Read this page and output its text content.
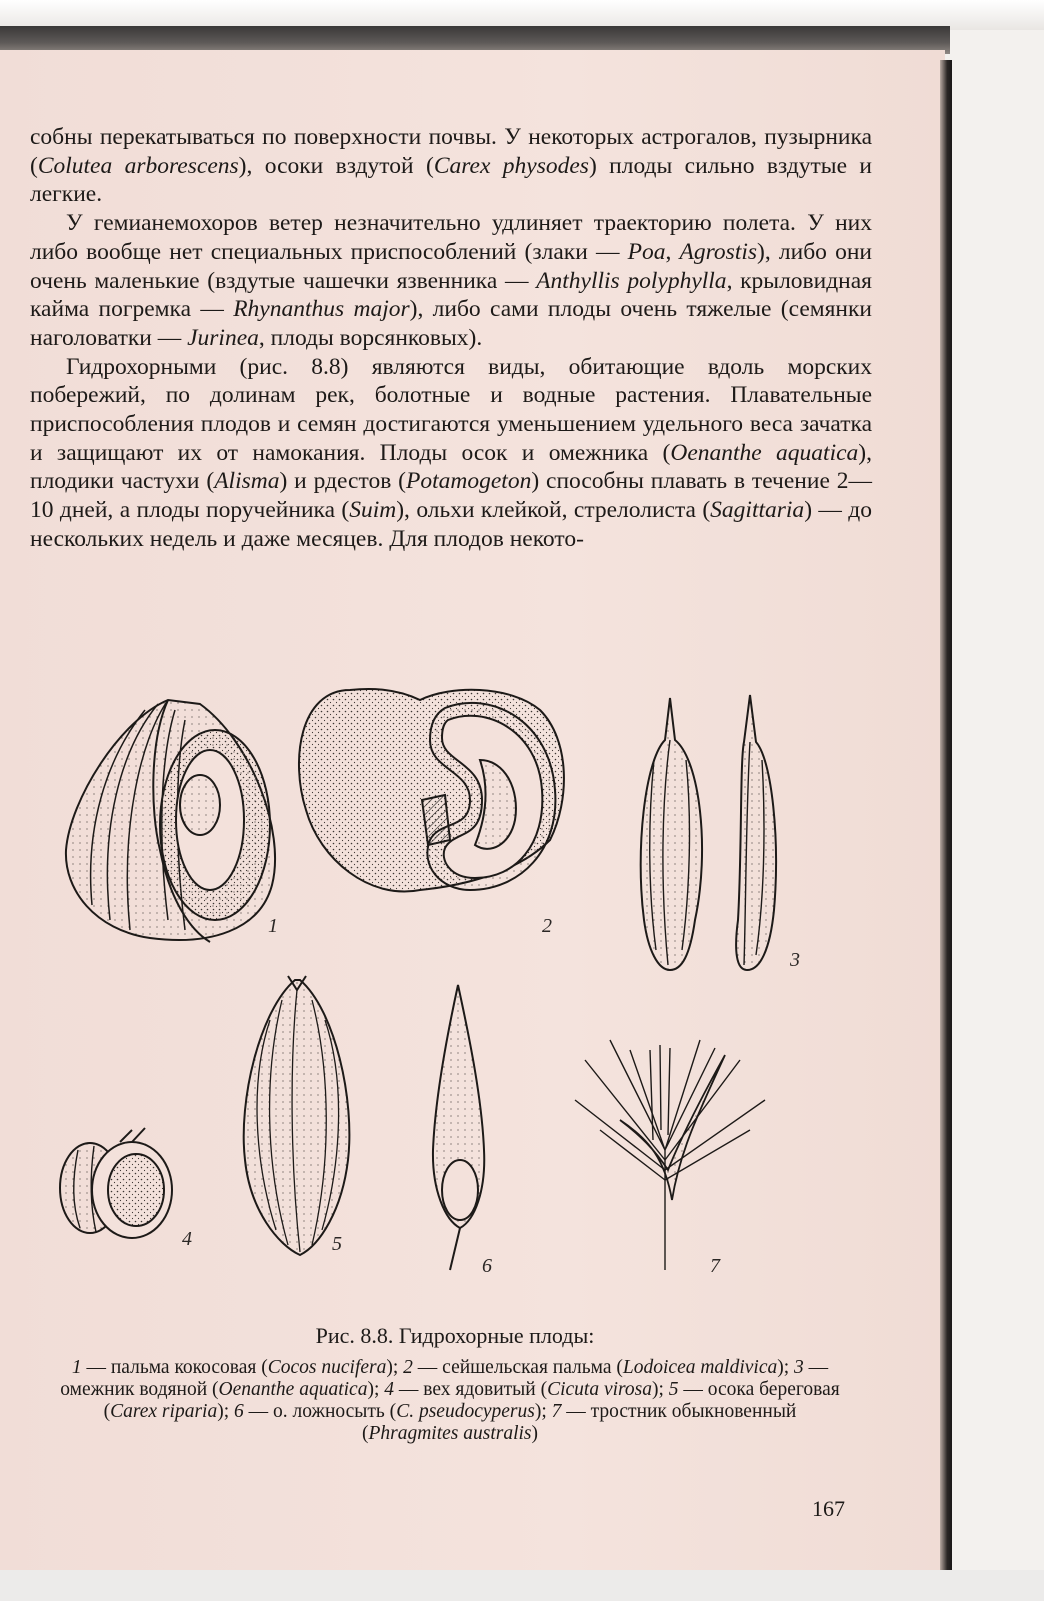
собны перекатываться по поверхности почвы. У некоторых астрогалов, пузырника (Colutea arborescens), осоки вздутой (Carex physodes) плоды сильно вздутые и легкие.

У гемианемохоров ветер незначительно удлиняет траекторию полета. У них либо вообще нет специальных приспособлений (злаки — Poa, Agrostis), либо они очень маленькие (вздутые чашечки язвенника — Anthyllis polyphylla, крыловидная кайма погремка — Rhynanthus major), либо сами плоды очень тяжелые (семянки наголоватки — Jurinea, плоды ворсянковых).

Гидрохорными (рис. 8.8) являются виды, обитающие вдоль морских побережий, по долинам рек, болотные и водные растения. Плавательные приспособления плодов и семян достигаются уменьшением удельного веса зачатка и защищают их от намокания. Плоды осок и омежника (Oenanthe aquatica), плодики частухи (Alisma) и рдестов (Potamogeton) способны плавать в течение 2—10 дней, а плоды поручейника (Suim), ольхи клейкой, стрелолиста (Sagittaria) — до нескольких недель и даже месяцев. Для плодов некото-

1	2
3
4	5
6	7
Рис. 8.8. Гидрохорные плоды:
1 — пальма кокосовая (Cocos nucifera); 2 — сейшельская пальма (Lodoicea maldivica); 3 — омежник водяной (Oenanthe aquatica); 4 — вех ядовитый (Cicuta virosa); 5 — осока береговая (Carex riparia); 6 — о. ложносыть (C. pseudocyperus); 7 — тростник обыкновенный (Phragmites australis)
167
